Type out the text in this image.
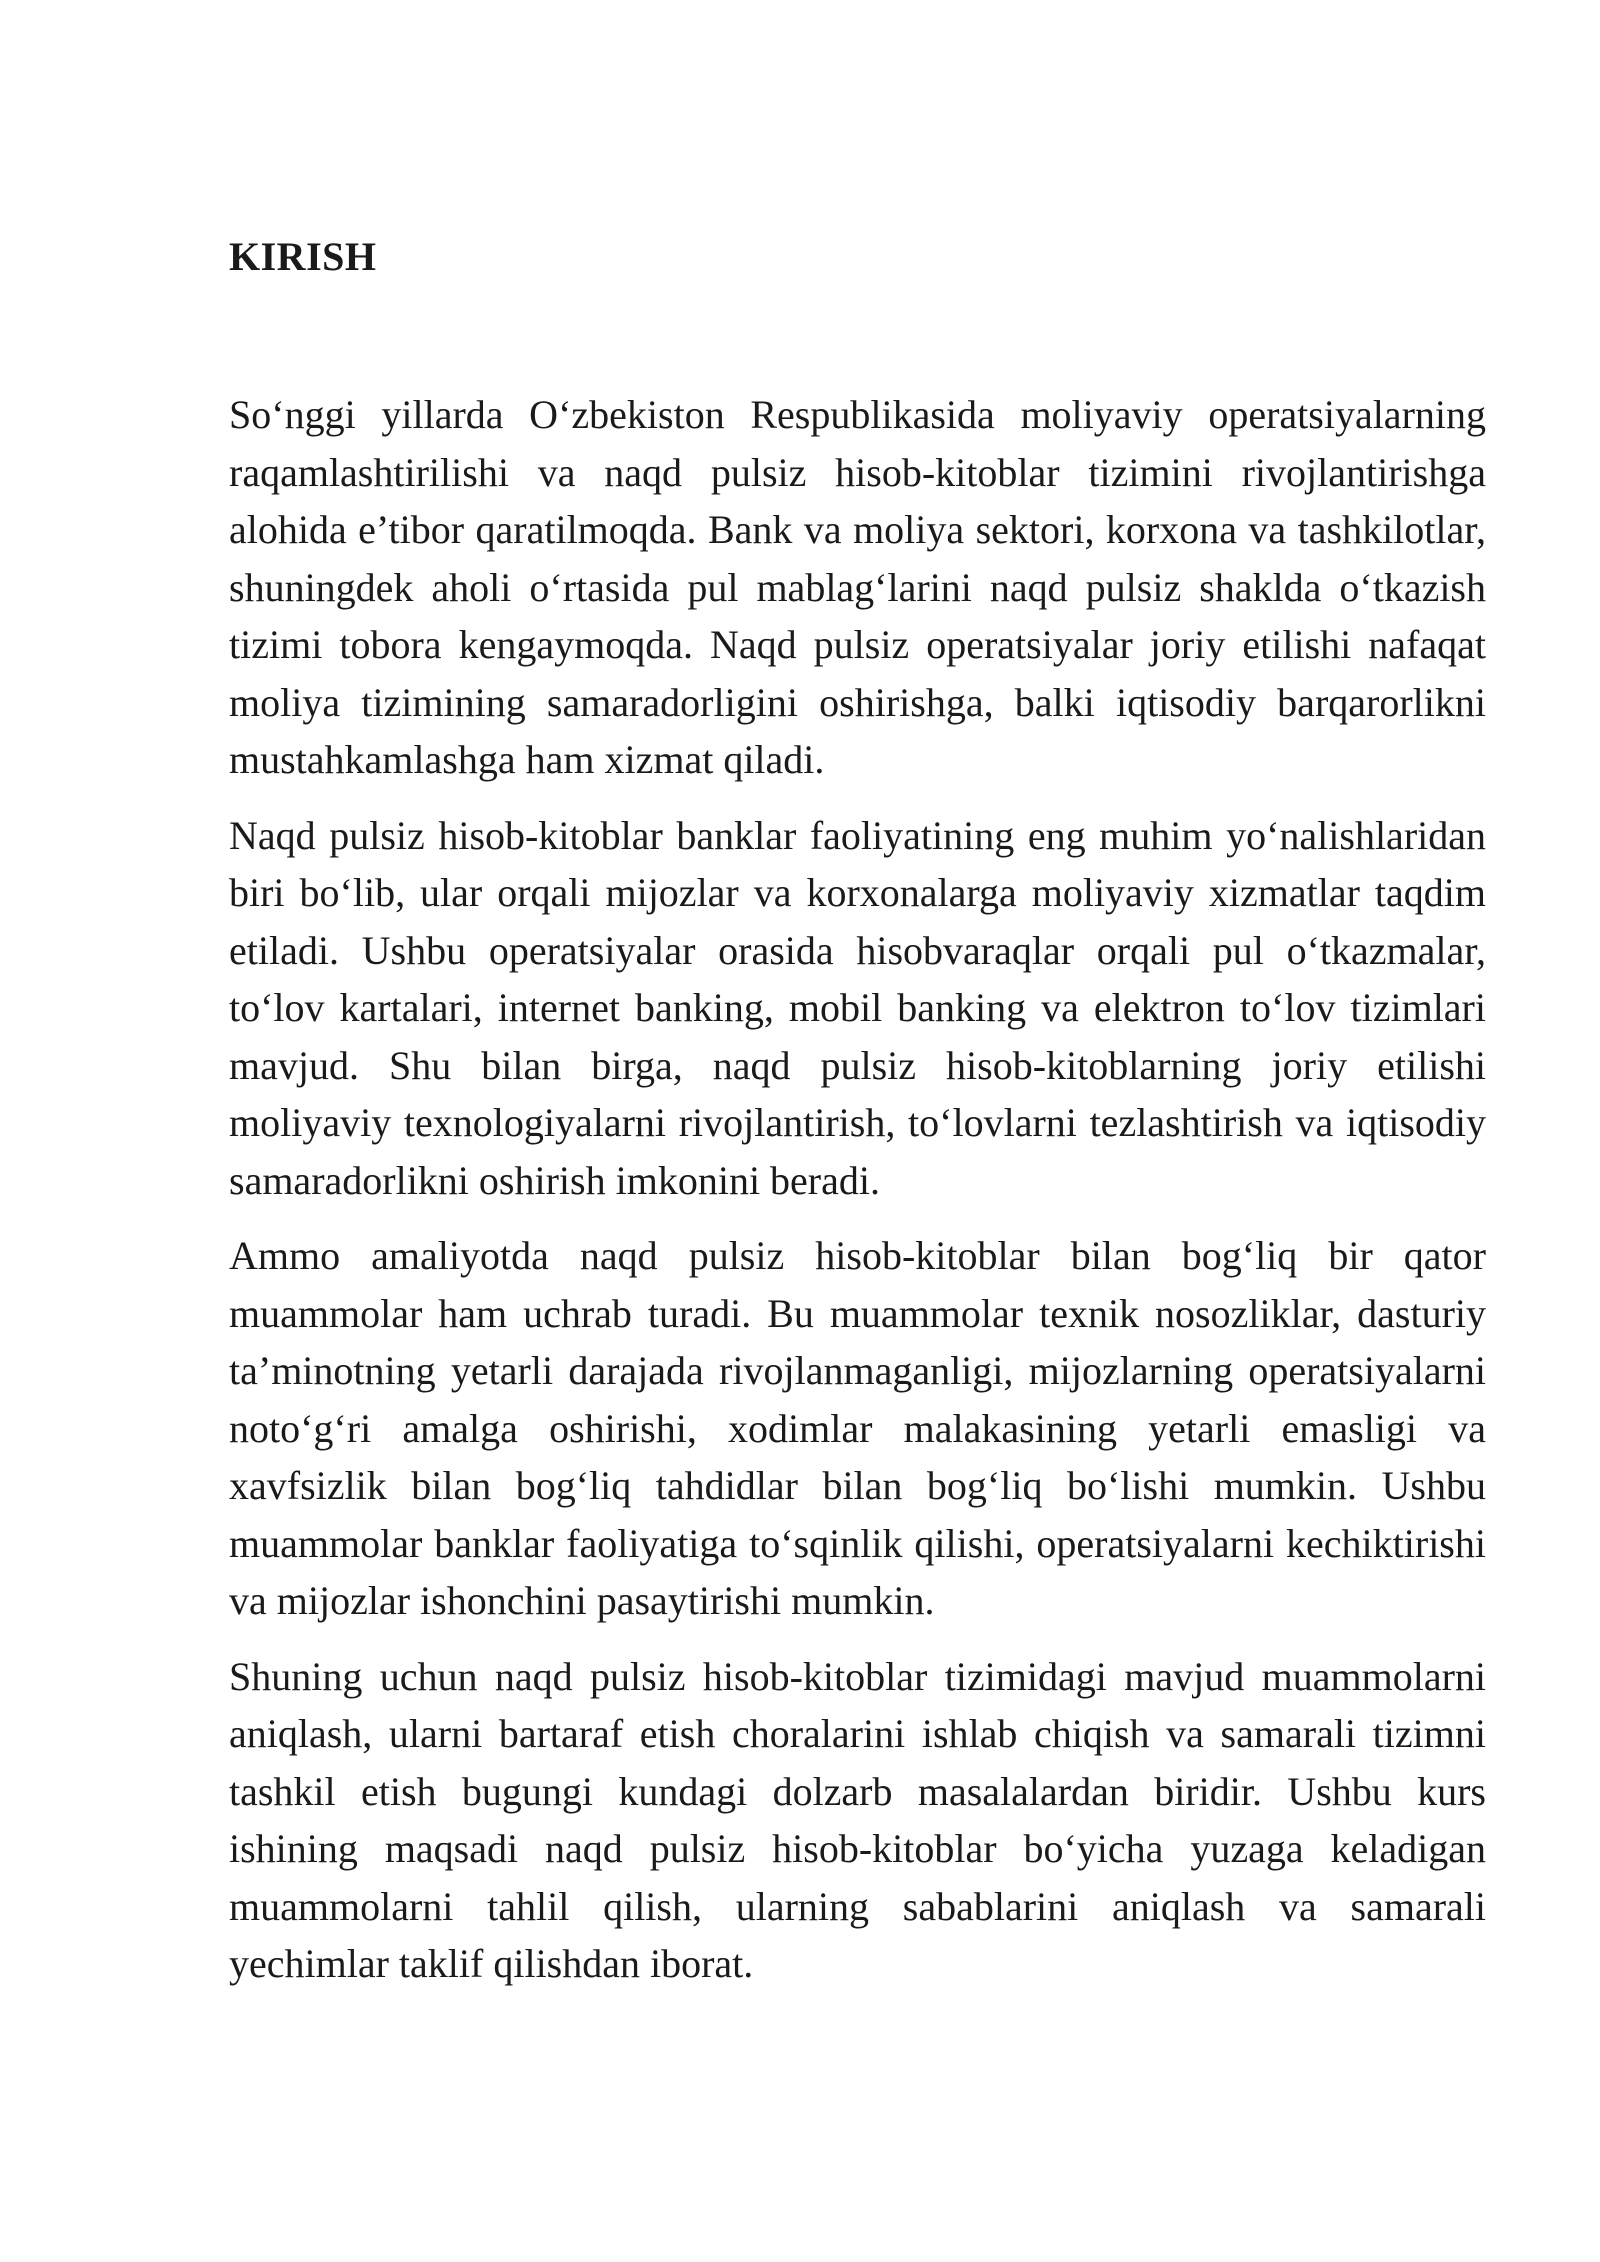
KIRISH

So‘nggi yillarda O‘zbekiston Respublikasida moliyaviy operatsiyalarning raqamlashtirilishi va naqd pulsiz hisob-kitoblar tizimini rivojlantirishga alohida e’tibor qaratilmoqda. Bank va moliya sektori, korxona va tashkilotlar, shuningdek aholi o‘rtasida pul mablag‘larini naqd pulsiz shaklda o‘tkazish tizimi tobora kengaymoqda. Naqd pulsiz operatsiyalar joriy etilishi nafaqat moliya tizimining samaradorligini oshirishga, balki iqtisodiy barqarorlikni mustahkamlashga ham xizmat qiladi.

Naqd pulsiz hisob-kitoblar banklar faoliyatining eng muhim yo‘nalishlaridan biri bo‘lib, ular orqali mijozlar va korxonalarga moliyaviy xizmatlar taqdim etiladi. Ushbu operatsiyalar orasida hisobvaraqlar orqali pul o‘tkazmalar, to‘lov kartalari, internet banking, mobil banking va elektron to‘lov tizimlari mavjud. Shu bilan birga, naqd pulsiz hisob-kitoblarning joriy etilishi moliyaviy texnologiyalarni rivojlantirish, to‘lovlarni tezlashtirish va iqtisodiy samaradorlikni oshirish imkonini beradi.

Ammo amaliyotda naqd pulsiz hisob-kitoblar bilan bog‘liq bir qator muammolar ham uchrab turadi. Bu muammolar texnik nosozliklar, dasturiy ta’minotning yetarli darajada rivojlanmaganligi, mijozlarning operatsiyalarni noto‘g‘ri amalga oshirishi, xodimlar malakasining yetarli emasligi va xavfsizlik bilan bog‘liq tahdidlar bilan bog‘liq bo‘lishi mumkin. Ushbu muammolar banklar faoliyatiga to‘sqinlik qilishi, operatsiyalarni kechiktirishi va mijozlar ishonchini pasaytirishi mumkin.

Shuning uchun naqd pulsiz hisob-kitoblar tizimidagi mavjud muammolarni aniqlash, ularni bartaraf etish choralarini ishlab chiqish va samarali tizimni tashkil etish bugungi kundagi dolzarb masalalardan biridir. Ushbu kurs ishining maqsadi naqd pulsiz hisob-kitoblar bo‘yicha yuzaga keladigan muammolarni tahlil qilish, ularning sabablarini aniqlash va samarali yechimlar taklif qilishdan iborat.
